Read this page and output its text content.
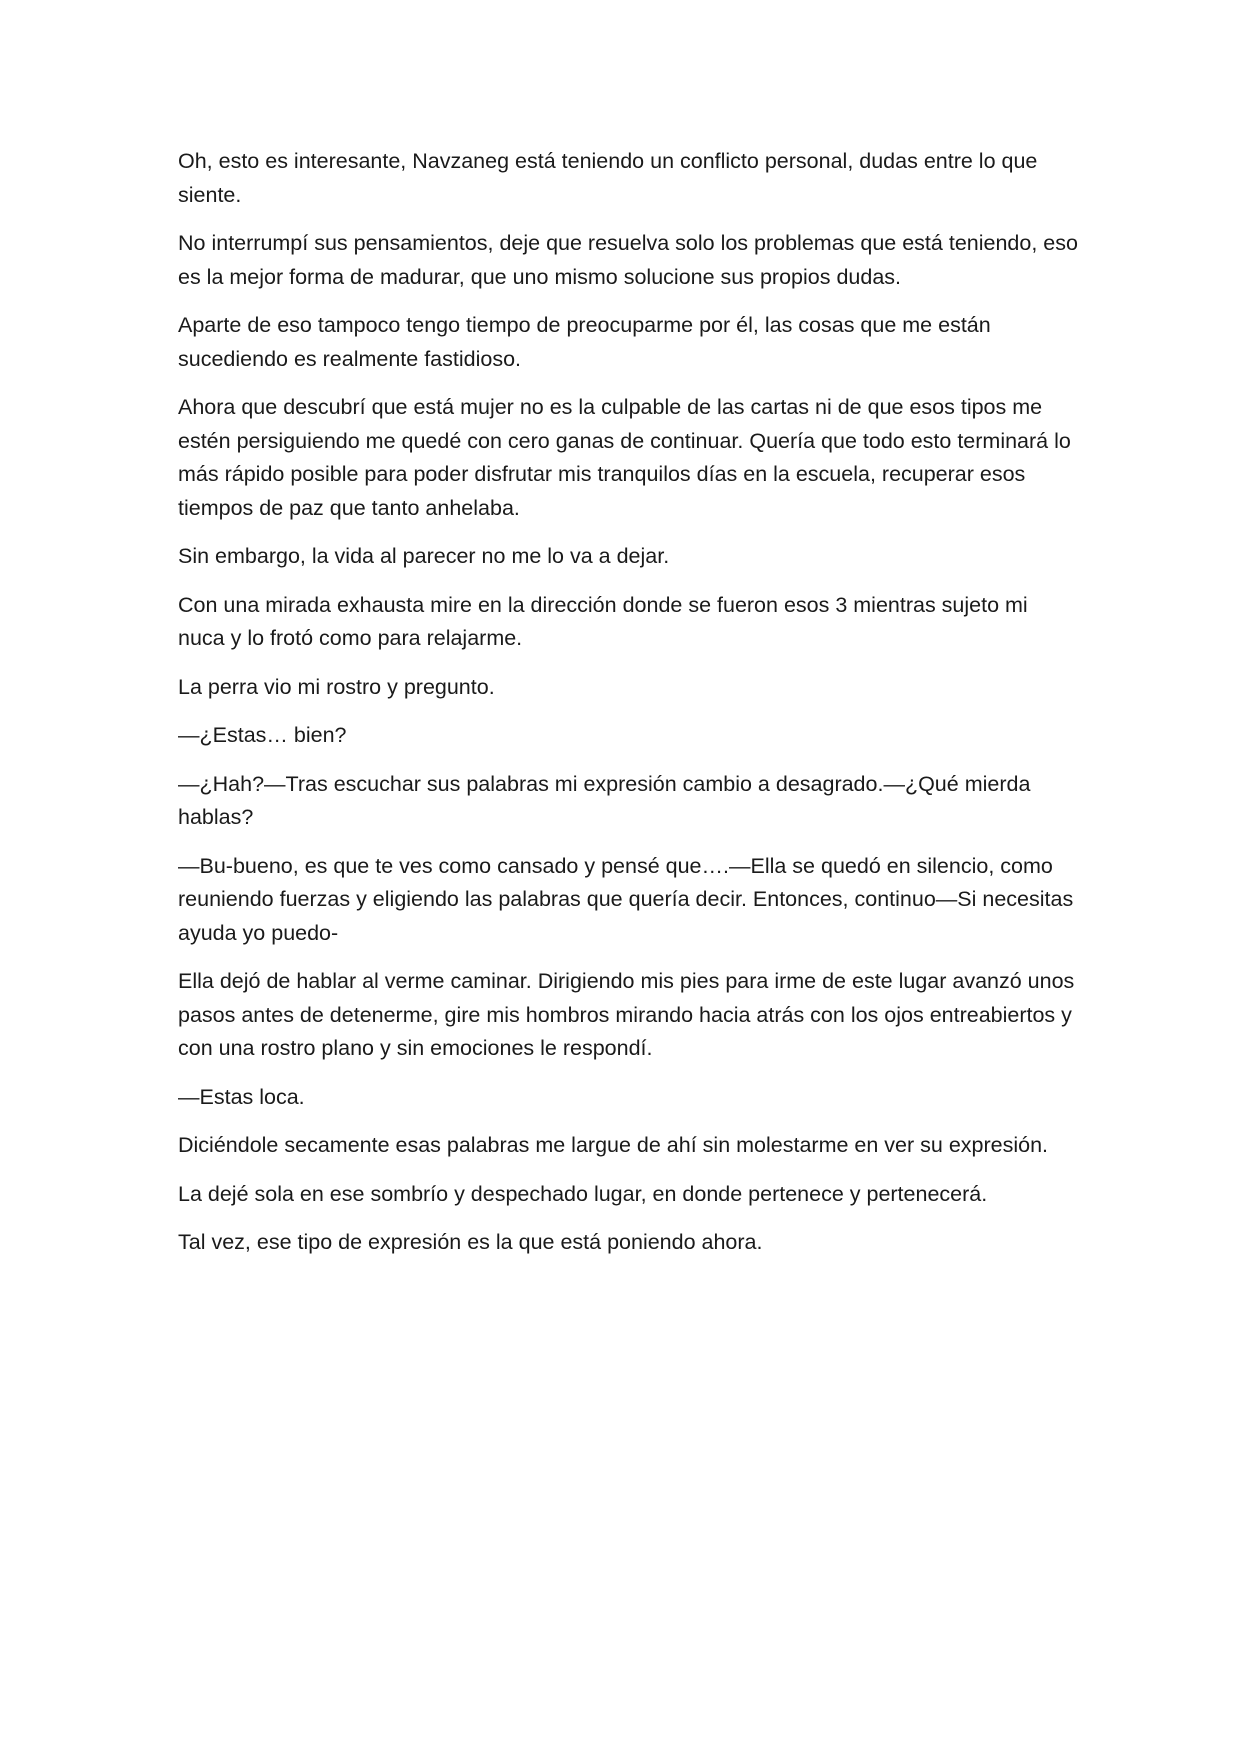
Oh, esto es interesante, Navzaneg está teniendo un conflicto personal, dudas entre lo que siente.

No interrumpí sus pensamientos, deje que resuelva solo los problemas que está teniendo, eso es la mejor forma de madurar, que uno mismo solucione sus propios dudas.

Aparte de eso tampoco tengo tiempo de preocuparme por él, las cosas que me están sucediendo es realmente fastidioso.

Ahora que descubrí que está mujer no es la culpable de las cartas ni de que esos tipos me estén persiguiendo me quedé con cero ganas de continuar. Quería que todo esto terminará lo más rápido posible para poder disfrutar mis tranquilos días en la escuela, recuperar esos tiempos de paz que tanto anhelaba.

Sin embargo, la vida al parecer no me lo va a dejar.

Con una mirada exhausta mire en la dirección donde se fueron esos 3 mientras sujeto mi nuca y lo frotó como para relajarme.

La perra vio mi rostro y pregunto.

—¿Estas… bien?

—¿Hah?—Tras escuchar sus palabras mi expresión cambio a desagrado.—¿Qué mierda hablas?

—Bu-bueno, es que te ves como cansado y pensé que….—Ella se quedó en silencio, como reuniendo fuerzas y eligiendo las palabras que quería decir. Entonces, continuo—Si necesitas ayuda yo puedo-

Ella dejó de hablar al verme caminar. Dirigiendo mis pies para irme de este lugar avanzó unos pasos antes de detenerme, gire mis hombros mirando hacia atrás con los ojos entreabiertos y con una rostro plano y sin emociones le respondí.

—Estas loca.

Diciéndole secamente esas palabras me largue de ahí sin molestarme en ver su expresión.

La dejé sola en ese sombrío y despechado lugar, en donde pertenece y pertenecerá.

Tal vez, ese tipo de expresión es la que está poniendo ahora.
